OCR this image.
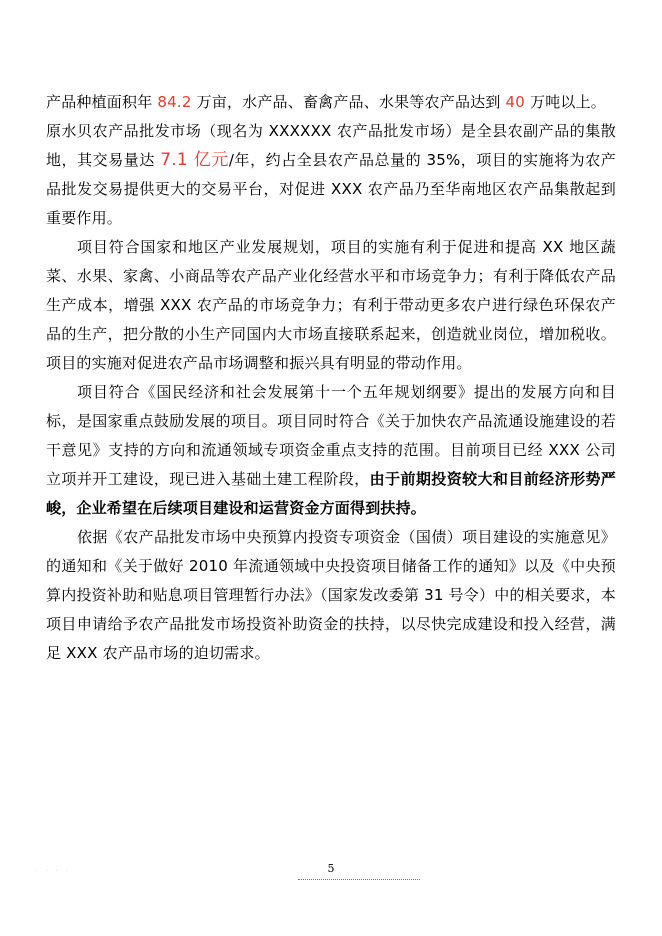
产品种植面积年 84.2 万亩，水产品、畜禽产品、水果等农产品达到 40 万吨以上。

原水贝农产品批发市场（现名为 XXXXXX 农产品批发市场）是全县农副产品的集散地，其交易量达 7.1 亿元/年，约占全县农产品总量的 35%，项目的实施将为农产品批发交易提供更大的交易平台，对促进 XXX 农产品乃至华南地区农产品集散起到重要作用。

项目符合国家和地区产业发展规划，项目的实施有利于促进和提高 XX 地区蔬菜、水果、家禽、小商品等农产品产业化经营水平和市场竞争力；有利于降低农产品生产成本，增强 XXX 农产品的市场竞争力；有利于带动更多农户进行绿色环保农产品的生产，把分散的小生产同国内大市场直接联系起来，创造就业岗位，增加税收。项目的实施对促进农产品市场调整和振兴具有明显的带动作用。

项目符合《国民经济和社会发展第十一个五年规划纲要》提出的发展方向和目标，是国家重点鼓励发展的项目。项目同时符合《关于加快农产品流通设施建设的若干意见》支持的方向和流通领域专项资金重点支持的范围。目前项目已经 XXX 公司立项并开工建设，现已进入基础土建工程阶段，由于前期投资较大和目前经济形势严峻，企业希望在后续项目建设和运营资金方面得到扶持。

依据《农产品批发市场中央预算内投资专项资金（国债）项目建设的实施意见》的通知和《关于做好 2010 年流通领域中央投资项目储备工作的通知》以及《中央预算内投资补助和贴息项目管理暂行办法》（国家发改委第 31 号令）中的相关要求，本项目申请给予农产品批发市场投资补助资金的扶持，以尽快完成建设和投入经营，满足 XXX 农产品市场的迫切需求。

· · · ·	5
